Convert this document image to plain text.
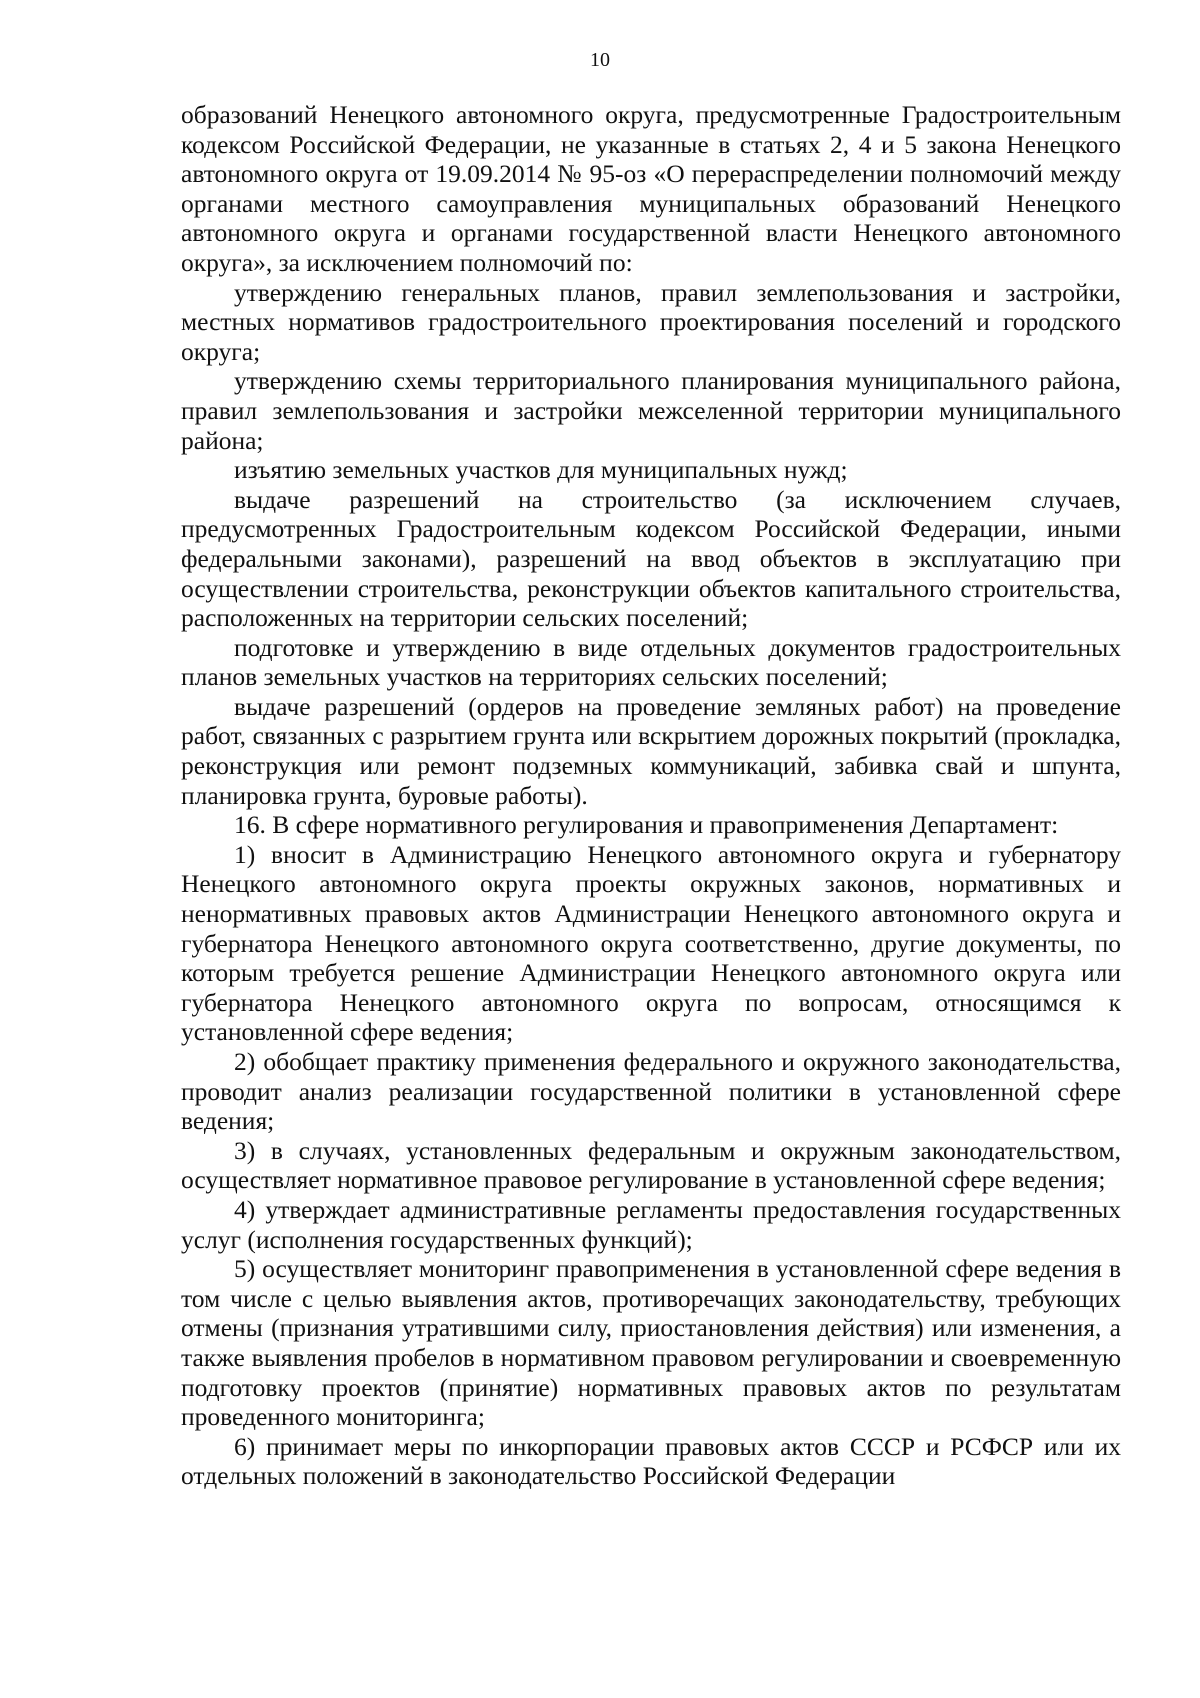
10

образований Ненецкого автономного округа, предусмотренные Градостроительным кодексом Российской Федерации, не указанные в статьях 2, 4 и 5 закона Ненецкого автономного округа от 19.09.2014 № 95-оз «О перераспределении полномочий между органами местного самоуправления муниципальных образований Ненецкого автономного округа и органами государственной власти Ненецкого автономного округа», за исключением полномочий по:

утверждению генеральных планов, правил землепользования и застройки, местных нормативов градостроительного проектирования поселений и городского округа;

утверждению схемы территориального планирования муниципального района, правил землепользования и застройки межселенной территории муниципального района;

изъятию земельных участков для муниципальных нужд;

выдаче разрешений на строительство (за исключением случаев, предусмотренных Градостроительным кодексом Российской Федерации, иными федеральными законами), разрешений на ввод объектов в эксплуатацию при осуществлении строительства, реконструкции объектов капитального строительства, расположенных на территории сельских поселений;

подготовке и утверждению в виде отдельных документов градостроительных планов земельных участков на территориях сельских поселений;

выдаче разрешений (ордеров на проведение земляных работ) на проведение работ, связанных с разрытием грунта или вскрытием дорожных покрытий (прокладка, реконструкция или ремонт подземных коммуникаций, забивка свай и шпунта, планировка грунта, буровые работы).

16. В сфере нормативного регулирования и правоприменения Департамент:

1) вносит в Администрацию Ненецкого автономного округа и губернатору Ненецкого автономного округа проекты окружных законов, нормативных и ненормативных правовых актов Администрации Ненецкого автономного округа и губернатора Ненецкого автономного округа соответственно, другие документы, по которым требуется решение Администрации Ненецкого автономного округа или губернатора Ненецкого автономного округа по вопросам, относящимся к установленной сфере ведения;

2) обобщает практику применения федерального и окружного законодательства, проводит анализ реализации государственной политики в установленной сфере ведения;

3) в случаях, установленных федеральным и окружным законодательством, осуществляет нормативное правовое регулирование в установленной сфере ведения;

4) утверждает административные регламенты предоставления государственных услуг (исполнения государственных функций);

5) осуществляет мониторинг правоприменения в установленной сфере ведения в том числе с целью выявления актов, противоречащих законодательству, требующих отмены (признания утратившими силу, приостановления действия) или изменения, а также выявления пробелов в нормативном правовом регулировании и своевременную подготовку проектов (принятие) нормативных правовых актов по результатам проведенного мониторинга;

6) принимает меры по инкорпорации правовых актов СССР и РСФСР или их отдельных положений в законодательство Российской Федерации
